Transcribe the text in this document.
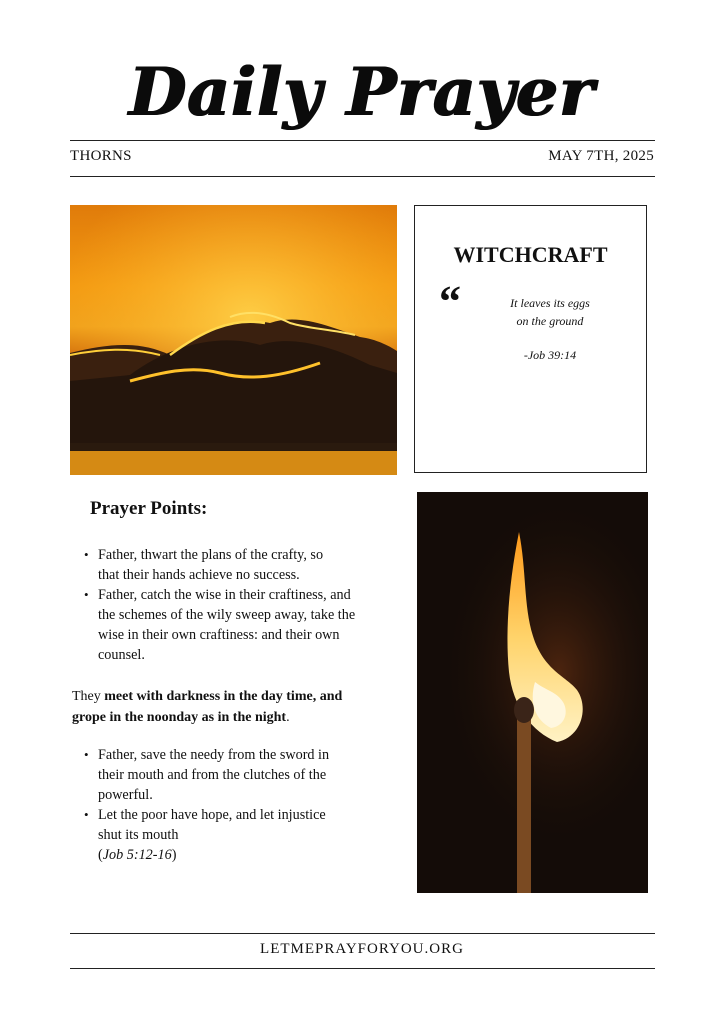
Daily Prayer
THORNS	MAY 7TH, 2025
WITCHCRAFT
“	It leaves its eggs
on the ground
-Job 39:14
Prayer Points:
• Father, thwart the plans of the crafty, so
that their hands achieve no success.
• Father, catch the wise in their craftiness, and
the schemes of the wily sweep away, take the
wise in their own craftiness: and their own
counsel.
They meet with darkness in the day time, and
grope in the noonday as in the night.
• Father, save the needy from the sword in
their mouth and from the clutches of the
powerful.
• Let the poor have hope, and let injustice
shut its mouth
(Job 5:12-16)
LETMEPRAYFORYOU.ORG
